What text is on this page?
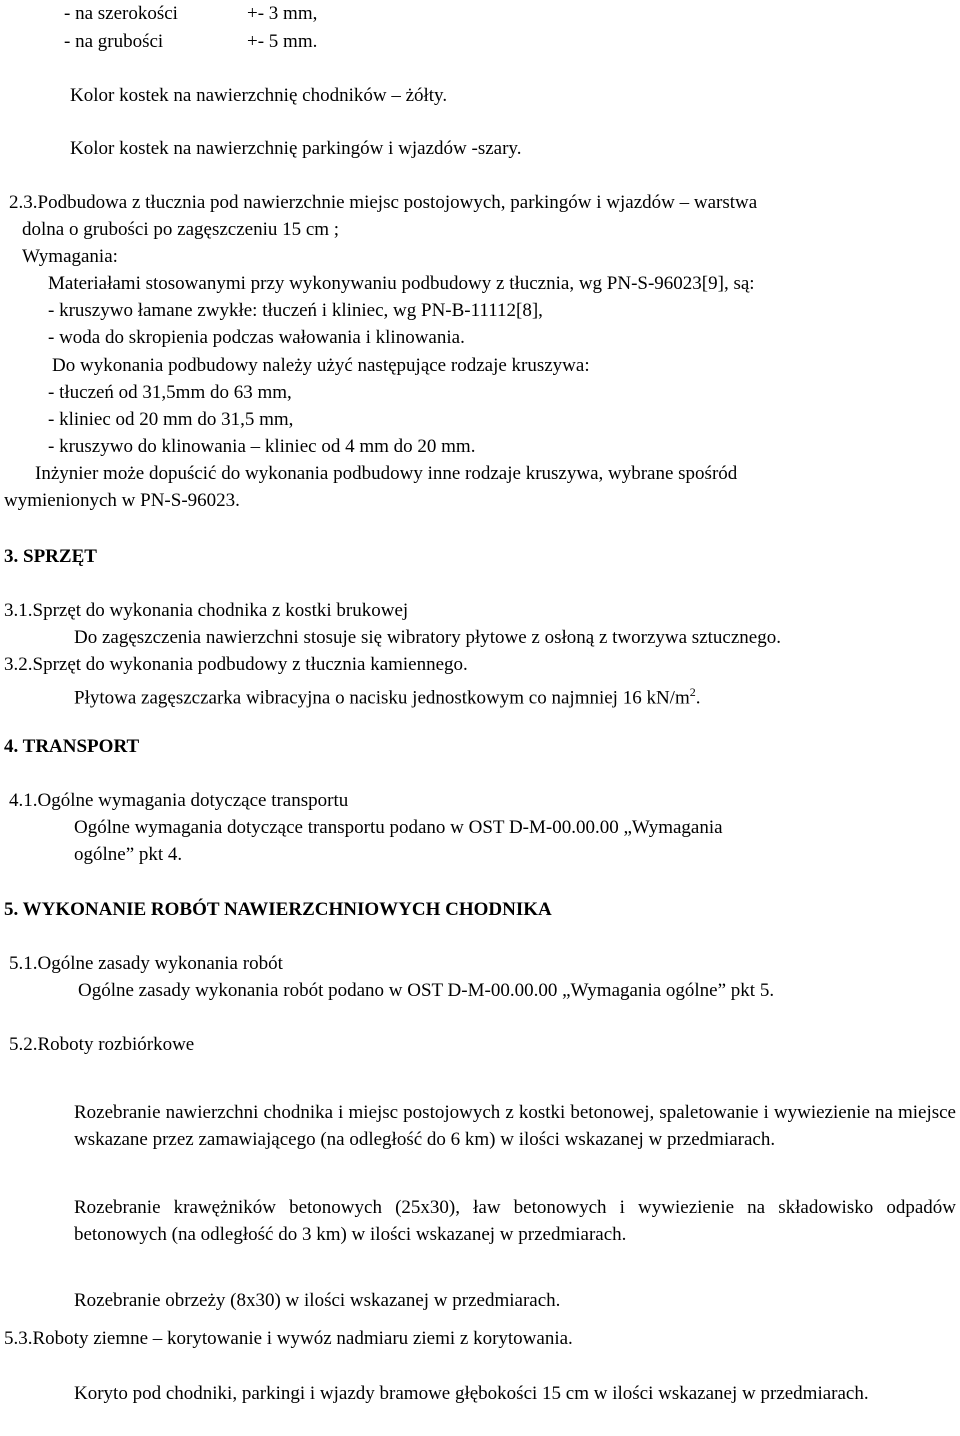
- na szerokości	+- 3 mm,

- na grubości	+- 5 mm.

Kolor kostek na nawierzchnię chodników – żółty.

Kolor kostek na nawierzchnię parkingów i wjazdów -szary.

2.3.Podbudowa z tłucznia pod nawierzchnie miejsc postojowych, parkingów i wjazdów – warstwa

dolna o grubości po zagęszczeniu 15 cm ;

Wymagania:

Materiałami stosowanymi przy wykonywaniu podbudowy z tłucznia, wg PN-S-96023[9], są:

- kruszywo łamane zwykłe: tłuczeń i kliniec, wg PN-B-11112[8],

- woda do skropienia podczas wałowania i klinowania.

Do wykonania podbudowy należy użyć następujące rodzaje kruszywa:

- tłuczeń od 31,5mm do 63 mm,

- kliniec od 20 mm do 31,5 mm,

- kruszywo do klinowania – kliniec od 4 mm do 20 mm.

Inżynier może dopuścić do wykonania podbudowy inne rodzaje kruszywa, wybrane spośród

wymienionych w PN-S-96023.

3. SPRZĘT

3.1.Sprzęt do wykonania chodnika z kostki brukowej

Do zagęszczenia nawierzchni stosuje się wibratory płytowe z osłoną z tworzywa sztucznego.

3.2.Sprzęt do wykonania podbudowy z tłucznia kamiennego.

Płytowa zagęszczarka wibracyjna o nacisku jednostkowym co najmniej 16 $kN/m^2$.

4. TRANSPORT

4.1.Ogólne wymagania dotyczące transportu

Ogólne wymagania dotyczące transportu podano w OST D-M-00.00.00 „Wymagania

ogólne” pkt 4.

5. WYKONANIE ROBÓT NAWIERZCHNIOWYCH CHODNIKA

5.1.Ogólne zasady wykonania robót

Ogólne zasady wykonania robót podano w OST D-M-00.00.00 „Wymagania ogólne” pkt 5.

5.2.Roboty rozbiórkowe

Rozebranie nawierzchni chodnika i miejsc postojowych z kostki betonowej, spaletowanie i wywiezienie na miejsce wskazane przez zamawiającego (na odległość do 6 km) w ilości wskazanej w przedmiarach.

Rozebranie krawężników betonowych (25x30), ław betonowych i wywiezienie na składowisko odpadów betonowych (na odległość do 3 km) w ilości wskazanej w przedmiarach.

Rozebranie obrzeży (8x30) w ilości wskazanej w przedmiarach.

5.3.Roboty ziemne – korytowanie i wywóz nadmiaru ziemi z korytowania.

Koryto pod chodniki, parkingi i wjazdy bramowe głębokości 15 cm w ilości wskazanej w przedmiarach.
